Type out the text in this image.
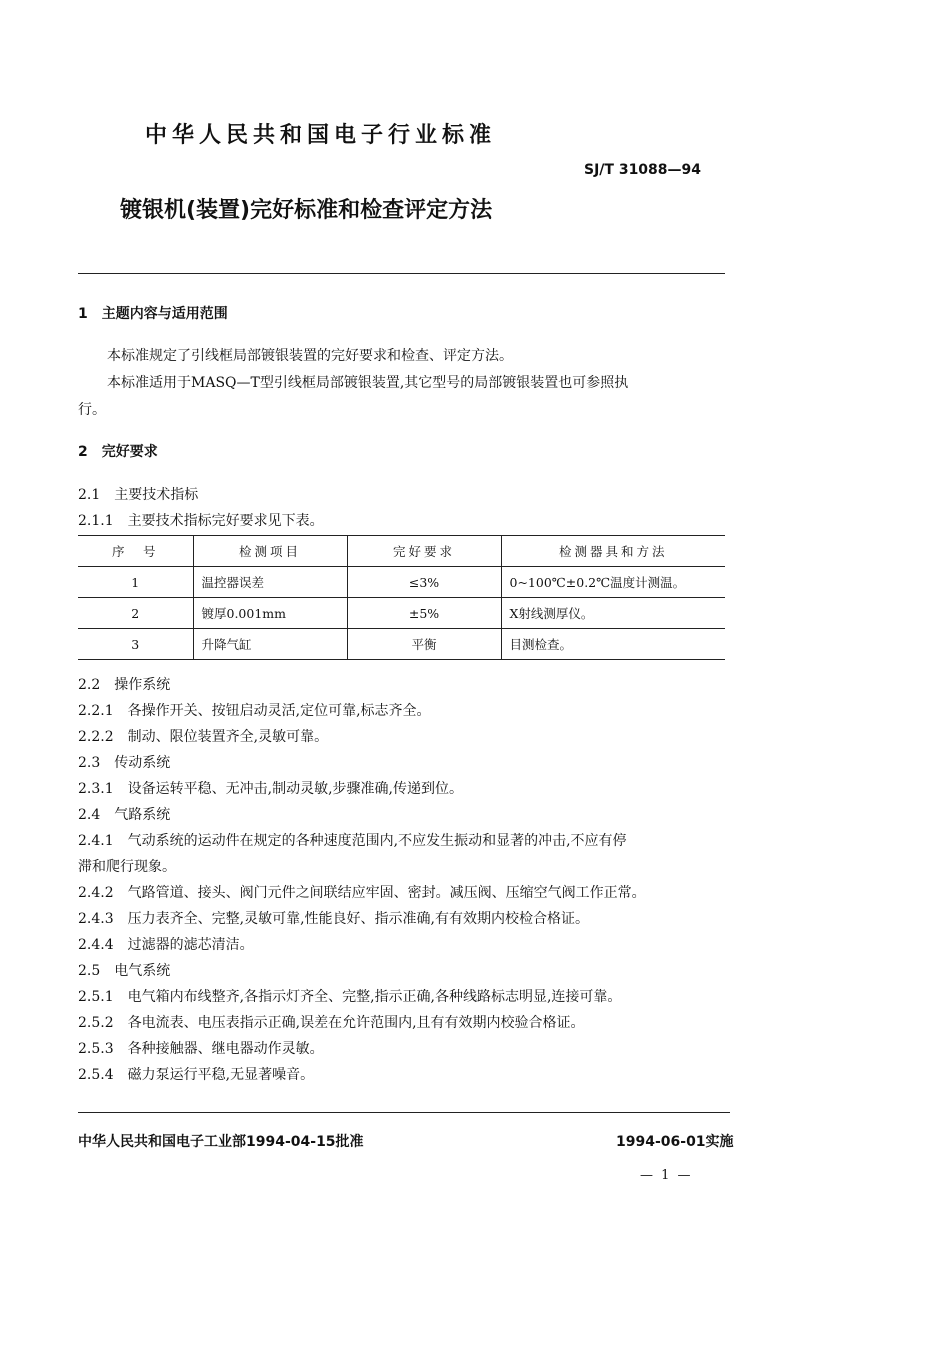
中华人民共和国电子行业标准
SJ/T 31088—94
镀银机(装置)完好标准和检查评定方法
1　主题内容与适用范围
本标准规定了引线框局部镀银装置的完好要求和检查、评定方法。
本标准适用于MASQ—T型引线框局部镀银装置,其它型号的局部镀银装置也可参照执
行。
2　完好要求
2.1 主要技术指标
2.1.1 主要技术指标完好要求见下表。
序　号	检测项目	完好要求	检测器具和方法
1	温控器误差	≤3%	0~100℃±0.2℃温度计测温。
2	镀厚0.001mm	±5%	X射线测厚仪。
3	升降气缸	平衡	目测检查。
2.2 操作系统
2.2.1 各操作开关、按钮启动灵活,定位可靠,标志齐全。
2.2.2 制动、限位装置齐全,灵敏可靠。
2.3 传动系统
2.3.1 设备运转平稳、无冲击,制动灵敏,步骤准确,传递到位。
2.4 气路系统
2.4.1 气动系统的运动件在规定的各种速度范围内,不应发生振动和显著的冲击,不应有停
滞和爬行现象。
2.4.2 气路管道、接头、阀门元件之间联结应牢固、密封。减压阀、压缩空气阀工作正常。
2.4.3 压力表齐全、完整,灵敏可靠,性能良好、指示准确,有有效期内校检合格证。
2.4.4 过滤器的滤芯清洁。
2.5 电气系统
2.5.1 电气箱内布线整齐,各指示灯齐全、完整,指示正确,各种线路标志明显,连接可靠。
2.5.2 各电流表、电压表指示正确,误差在允许范围内,且有有效期内校验合格证。
2.5.3 各种接触器、继电器动作灵敏。
2.5.4 磁力泵运行平稳,无显著噪音。
中华人民共和国电子工业部1994-04-15批准	1994-06-01实施
— 1 —
